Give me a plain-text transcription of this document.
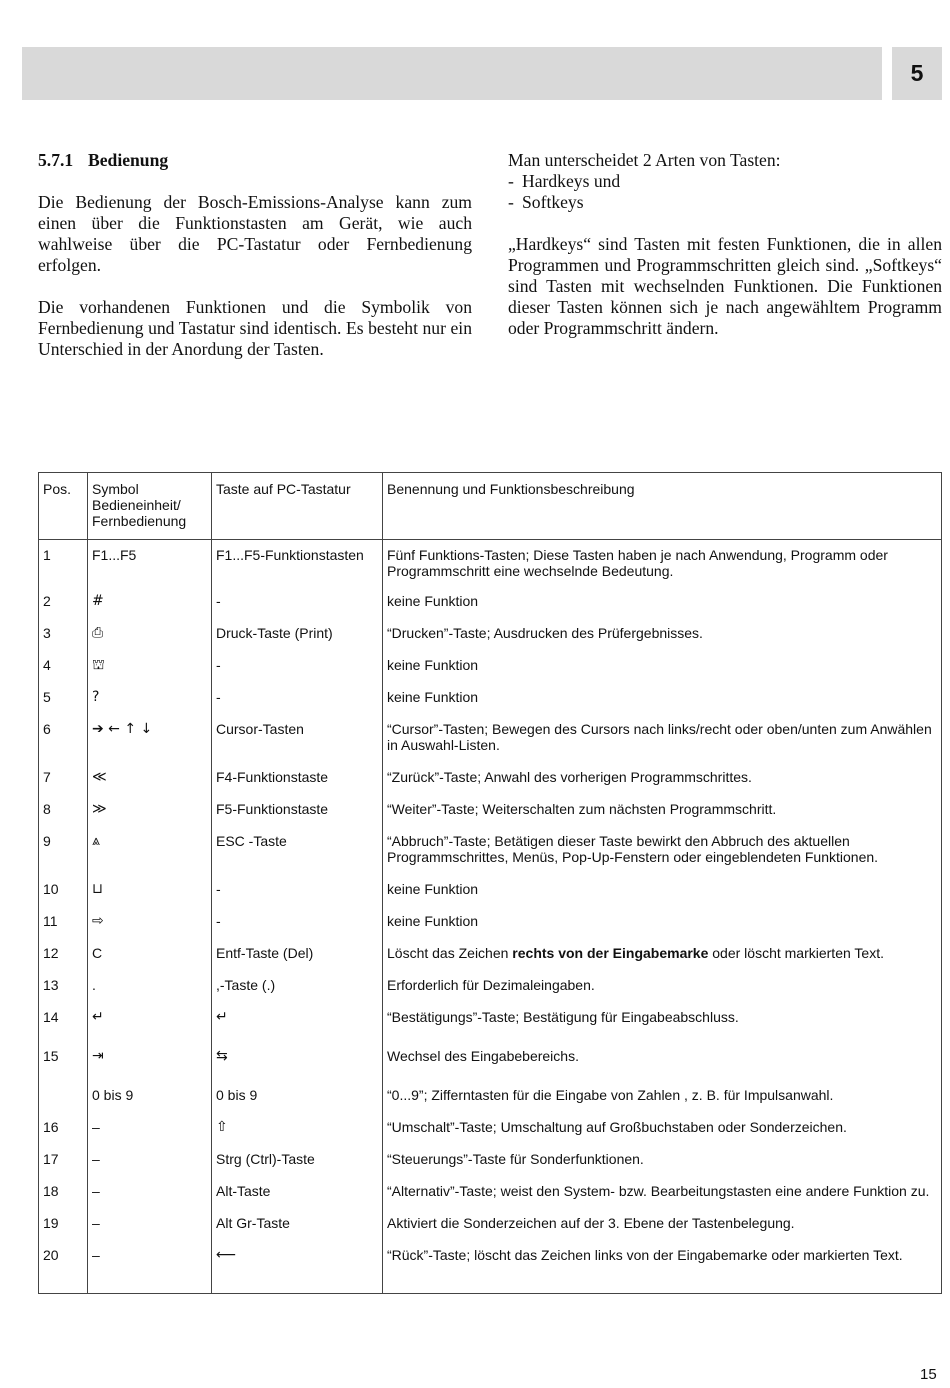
5
5.7.1 Bedienung

Die Bedienung der Bosch-Emissions-Analyse kann zum einen über die Funktionstasten am Gerät, wie auch wahlweise über die PC-Tastatur oder Fernbedienung erfolgen.

Die vorhandenen Funktionen und die Symbolik von Fernbedienung und Tastatur sind identisch. Es besteht nur ein Unterschied in der Anordung der Tasten.

Man unterscheidet 2 Arten von Tasten:

- Hardkeys und
- Softkeys

„Hardkeys“ sind Tasten mit festen Funktionen, die in allen Programmen und Programmschritten gleich sind. „Softkeys“ sind Tasten mit wechselnden Funktionen. Die Funktionen dieser Tasten können sich je nach angewähltem Programm oder Programmschritt ändern.

Pos.	Symbol Bedieneinheit/ Fernbedienung	Taste auf PC-Tastatur	Benennung und Funktionsbeschreibung
1	F1...F5	F1...F5-Funktionstasten	Fünf Funktions-Tasten; Diese Tasten haben je nach Anwendung, Programm oder Programmschritt eine wechselnde Bedeutung.
2	#	-	keine Funktion
3	⎙	Druck-Taste (Print)	“Drucken”-Taste; Ausdrucken des Prüfergebnisses.
4	⛫	-	keine Funktion
5	?	-	keine Funktion
6	➔ ← ↑ ↓	Cursor-Tasten	“Cursor”-Tasten; Bewegen des Cursors nach links/recht oder oben/unten zum Anwählen in Auswahl-Listen.
7	≪	F4-Funktionstaste	“Zurück”-Taste; Anwahl des vorherigen Programmschrittes.
8	≫	F5-Funktionstaste	“Weiter”-Taste; Weiterschalten zum nächsten Programmschritt.
9	⩓	ESC -Taste	“Abbruch”-Taste; Betätigen dieser Taste bewirkt den Abbruch des aktuellen Programmschrittes, Menüs, Pop-Up-Fenstern oder eingeblendeten Funktionen.
10	⊔	-	keine Funktion
11	⇨	-	keine Funktion
12	C	Entf-Taste (Del)	Löscht das Zeichen rechts von der Eingabemarke oder löscht markierten Text.
13	.	,-Taste (.)	Erforderlich für Dezimaleingaben.
14	↵	↵	“Bestätigungs”-Taste; Bestätigung für Eingabeabschluss.
15	⇥	⇆	Wechsel des Eingabebereichs.
	0 bis 9	0 bis 9	“0...9”; Zifferntasten für die Eingabe von Zahlen , z. B. für Impulsanwahl.
16	–	⇧	“Umschalt”-Taste; Umschaltung auf Großbuchstaben oder Sonderzeichen.
17	–	Strg (Ctrl)-Taste	“Steuerungs”-Taste für Sonderfunktionen.
18	–	Alt-Taste	“Alternativ”-Taste; weist den System- bzw. Bearbeitungstasten eine andere Funktion zu.
19	–	Alt Gr-Taste	Aktiviert die Sonderzeichen auf der 3. Ebene der Tastenbelegung.
20	–	⟵	“Rück”-Taste; löscht das Zeichen links von der Eingabemarke oder markierten Text.
15
